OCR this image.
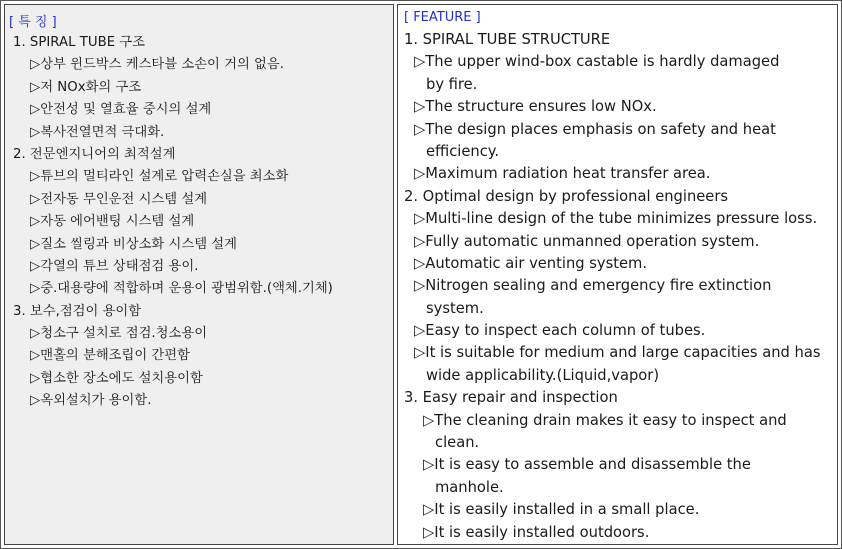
[ 특 징 ]
1. SPIRAL TUBE 구조
▷상부 윈드박스 케스타블 소손이 거의 없음.
▷저 NOx화의 구조
▷안전성 및 열효율 중시의 설계
▷복사전열면적 극대화.
2. 전문엔지니어의 최적설계
▷튜브의 멀티라인 설계로 압력손실을 최소화
▷전자동 무인운전 시스템 설계
▷자동 에어밴팅 시스템 설계
▷질소 씰링과 비상소화 시스템 설계
▷각열의 튜브 상태점검 용이.
▷중.대용량에 적합하며 운용이 광범위함.(액체.기체)
3. 보수,점검이 용이함
▷청소구 설치로 점검.청소용이
▷맨홀의 분해조립이 간편함
▷협소한 장소에도 설치용이함
▷옥외설치가 용이함.
[ FEATURE ]
1. SPIRAL TUBE STRUCTURE
▷The upper wind-box castable is hardly damaged
by fire.
▷The structure ensures low NOx.
▷The design places emphasis on safety and heat
efficiency.
▷Maximum radiation heat transfer area.
2. Optimal design by professional engineers
▷Multi-line design of the tube minimizes pressure loss.
▷Fully automatic unmanned operation system.
▷Automatic air venting system.
▷Nitrogen sealing and emergency fire extinction
system.
▷Easy to inspect each column of tubes.
▷It is suitable for medium and large capacities and has
wide applicability.(Liquid,vapor)
3. Easy repair and inspection
▷The cleaning drain makes it easy to inspect and
clean.
▷It is easy to assemble and disassemble the
manhole.
▷It is easily installed in a small place.
▷It is easily installed outdoors.
